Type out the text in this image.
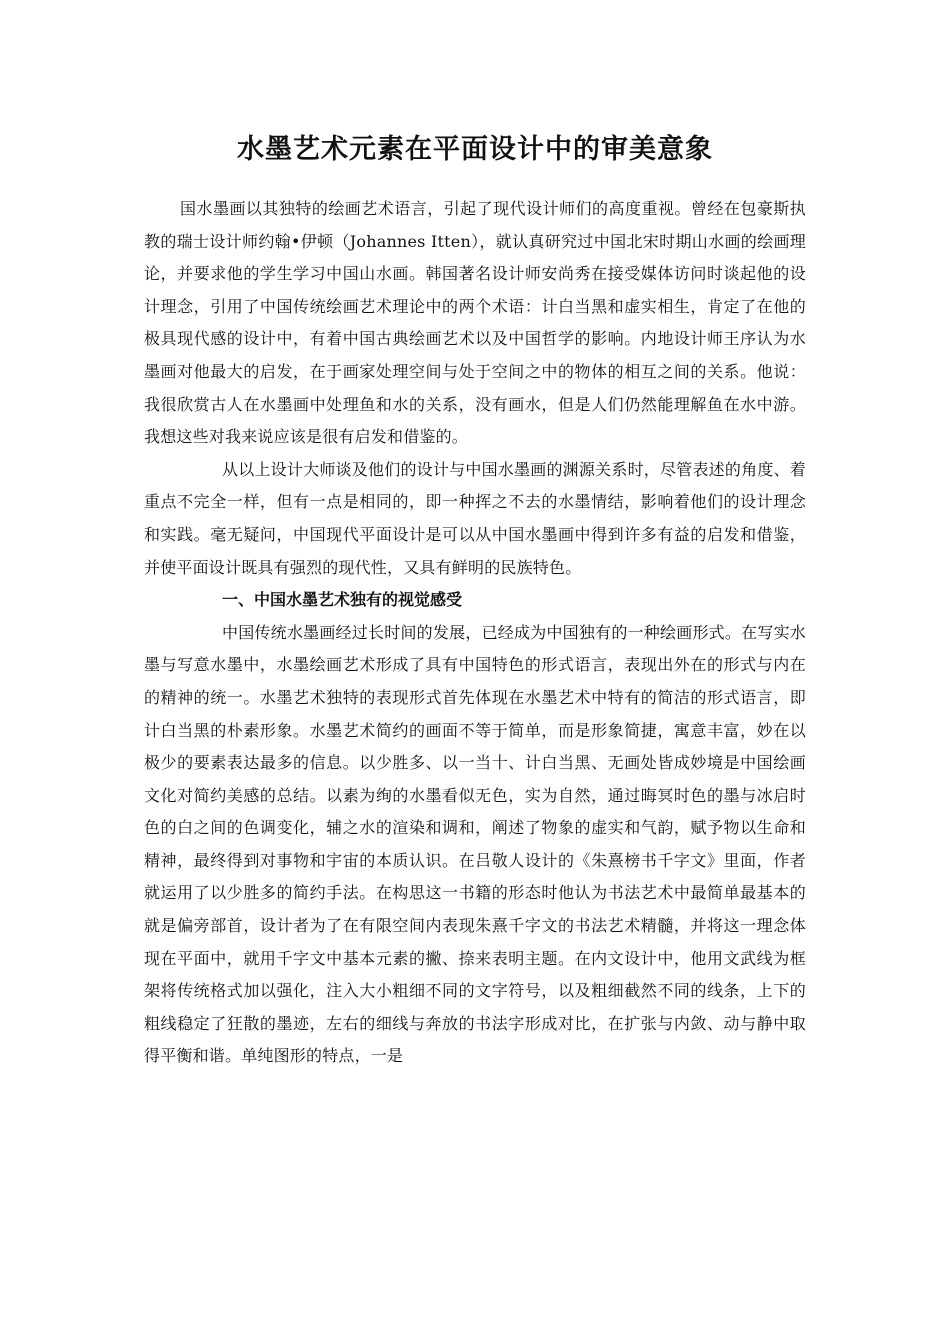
水墨艺术元素在平面设计中的审美意象

国水墨画以其独特的绘画艺术语言，引起了现代设计师们的高度重视。曾经在包豪斯执教的瑞士设计师约翰•伊顿（Johannes Itten），就认真研究过中国北宋时期山水画的绘画理论，并要求他的学生学习中国山水画。韩国著名设计师安尚秀在接受媒体访问时谈起他的设计理念，引用了中国传统绘画艺术理论中的两个术语：计白当黑和虚实相生，肯定了在他的极具现代感的设计中，有着中国古典绘画艺术以及中国哲学的影响。内地设计师王序认为水墨画对他最大的启发，在于画家处理空间与处于空间之中的物体的相互之间的关系。他说：我很欣赏古人在水墨画中处理鱼和水的关系，没有画水，但是人们仍然能理解鱼在水中游。我想这些对我来说应该是很有启发和借鉴的。

从以上设计大师谈及他们的设计与中国水墨画的渊源关系时，尽管表述的角度、着重点不完全一样，但有一点是相同的，即一种挥之不去的水墨情结，影响着他们的设计理念和实践。毫无疑问，中国现代平面设计是可以从中国水墨画中得到许多有益的启发和借鉴，并使平面设计既具有强烈的现代性，又具有鲜明的民族特色。

一、中国水墨艺术独有的视觉感受

中国传统水墨画经过长时间的发展，已经成为中国独有的一种绘画形式。在写实水墨与写意水墨中，水墨绘画艺术形成了具有中国特色的形式语言，表现出外在的形式与内在的精神的统一。水墨艺术独特的表现形式首先体现在水墨艺术中特有的简洁的形式语言，即计白当黑的朴素形象。水墨艺术简约的画面不等于简单，而是形象简捷，寓意丰富，妙在以极少的要素表达最多的信息。以少胜多、以一当十、计白当黑、无画处皆成妙境是中国绘画文化对简约美感的总结。以素为绚的水墨看似无色，实为自然，通过晦冥时色的墨与冰启时色的白之间的色调变化，辅之水的渲染和调和，阐述了物象的虚实和气韵，赋予物以生命和精神，最终得到对事物和宇宙的本质认识。在吕敬人设计的《朱熹榜书千字文》里面，作者就运用了以少胜多的简约手法。在构思这一书籍的形态时他认为书法艺术中最简单最基本的就是偏旁部首，设计者为了在有限空间内表现朱熹千字文的书法艺术精髓，并将这一理念体现在平面中，就用千字文中基本元素的撇、捺来表明主题。在内文设计中，他用文武线为框架将传统格式加以强化，注入大小粗细不同的文字符号，以及粗细截然不同的线条，上下的粗线稳定了狂散的墨迹，左右的细线与奔放的书法字形成对比，在扩张与内敛、动与静中取得平衡和谐。单纯图形的特点，一是
